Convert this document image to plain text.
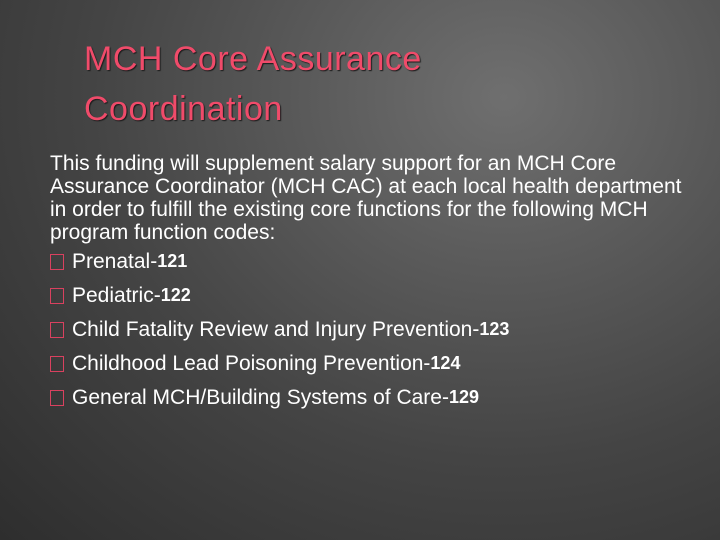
MCH Core Assurance
Coordination

This funding will supplement salary support for an MCH Core Assurance Coordinator (MCH CAC) at each local health department in order to fulfill the existing core functions for the following MCH program function codes:

Prenatal- 121
Pediatric- 122
Child Fatality Review and Injury Prevention- 123
Childhood Lead Poisoning Prevention- 124
General MCH/Building Systems of Care- 129
